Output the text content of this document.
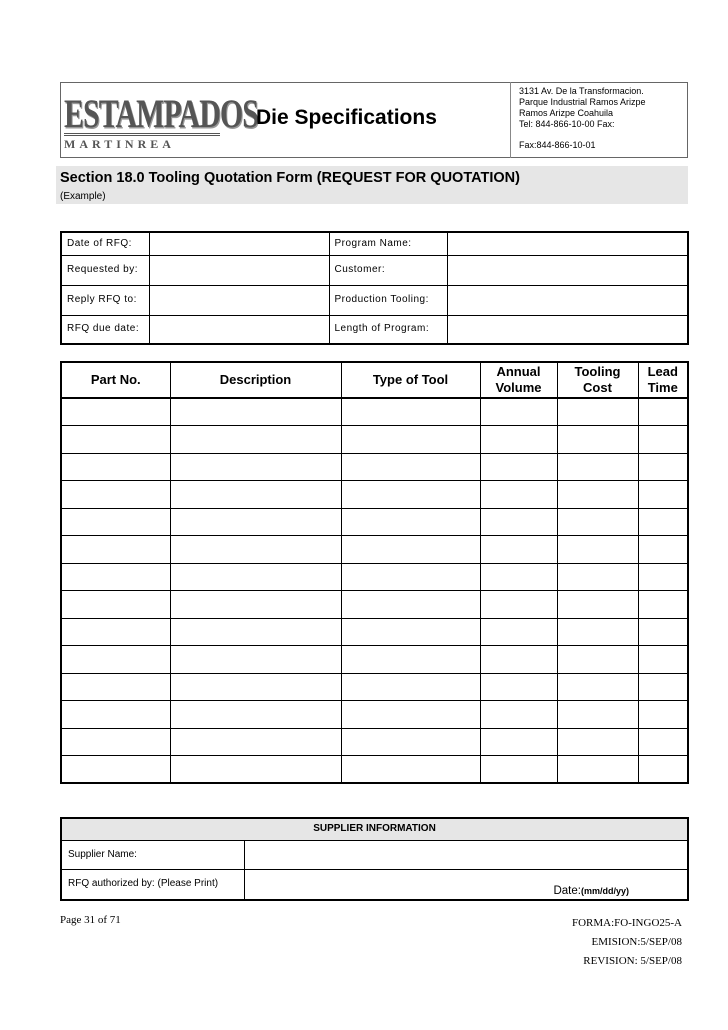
ESTAMPADOS
MARTINREA
Die Specifications
3131 Av. De la Transformacion.
Parque Industrial Ramos Arizpe
Ramos Arizpe Coahuila
Tel: 844-866-10-00 Fax:
Fax:844-866-10-01
Section 18.0 Tooling Quotation Form (REQUEST FOR QUOTATION)
(Example)
Date of RFQ:		Program Name:	
Requested by:		Customer:	
Reply RFQ to:		Production Tooling:	
RFQ due date:		Length of Program:	
Part No.	Description	Type of Tool	Annual Volume	Tooling Cost	Lead Time

SUPPLIER INFORMATION	
Supplier Name:	
RFQ authorized by: (Please Print)	Date:(mm/dd/yy)
Page 31 of 71	FORMA:FO-INGO25-A
EMISION:5/SEP/08
REVISION: 5/SEP/08
